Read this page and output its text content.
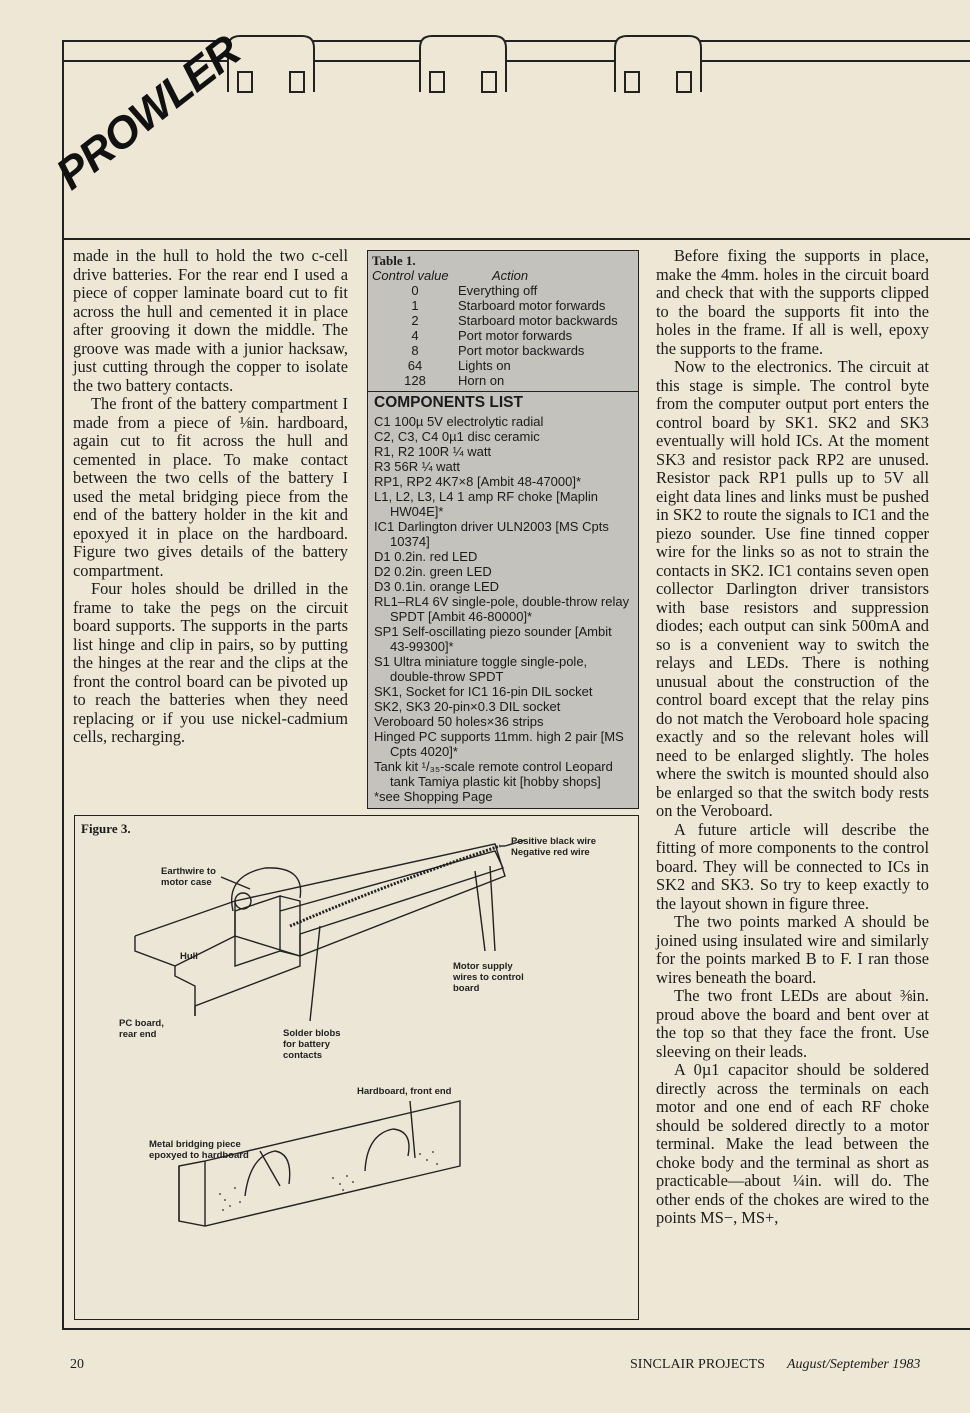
PROWLER

made in the hull to hold the two c-cell drive batteries. For the rear end I used a piece of copper laminate board cut to fit across the hull and cemented it in place after grooving it down the middle. The groove was made with a junior hacksaw, just cutting through the copper to isolate the two battery contacts.

The front of the battery compartment I made from a piece of ⅛in. hardboard, again cut to fit across the hull and cemented in place. To make contact between the two cells of the battery I used the metal bridging piece from the end of the battery holder in the kit and epoxyed it in place on the hardboard. Figure two gives details of the battery compartment.

Four holes should be drilled in the frame to take the pegs on the circuit board supports. The supports in the parts list hinge and clip in pairs, so by putting the hinges at the rear and the clips at the front the control board can be pivoted up to reach the batteries when they need replacing or if you use nickel-cadmium cells, recharging.

Table 1.
Control value	Action
0	Everything off
1	Starboard motor forwards
2	Starboard motor backwards
4	Port motor forwards
8	Port motor backwards
64	Lights on
128	Horn on
COMPONENTS LIST
C1 100µ 5V electrolytic radial
C2, C3, C4 0µ1 disc ceramic
R1, R2 100R ¼ watt
R3 56R ¼ watt
RP1, RP2 4K7×8 [Ambit 48-47000]*
L1, L2, L3, L4 1 amp RF choke [Maplin HW04E]*
IC1 Darlington driver ULN2003 [MS Cpts 10374]
D1 0.2in. red LED
D2 0.2in. green LED
D3 0.1in. orange LED
RL1–RL4 6V single-pole, double-throw relay SPDT [Ambit 46-80000]*
SP1 Self-oscillating piezo sounder [Ambit 43-99300]*
S1 Ultra miniature toggle single-pole, double-throw SPDT
SK1, Socket for IC1 16-pin DIL socket
SK2, SK3 20-pin×0.3 DIL socket
Veroboard 50 holes×36 strips
Hinged PC supports 11mm. high 2 pair [MS Cpts 4020]*
Tank kit ¹/₃₅-scale remote control Leopard tank Tamiya plastic kit [hobby shops]
*see Shopping Page
Figure 3.
Positive black wire
Negative red wire
Earthwire to motor case
Hull
Motor supply wires to control board
PC board, rear end	Solder blobs for battery contacts
Hardboard, front end
Metal bridging piece epoxyed to hardboard

Before fixing the supports in place, make the 4mm. holes in the circuit board and check that with the supports clipped to the board the supports fit into the holes in the frame. If all is well, epoxy the supports to the frame.

Now to the electronics. The circuit at this stage is simple. The control byte from the computer output port enters the control board by SK1. SK2 and SK3 eventually will hold ICs. At the moment SK3 and resistor pack RP2 are unused. Resistor pack RP1 pulls up to 5V all eight data lines and links must be pushed in SK2 to route the signals to IC1 and the piezo sounder. Use fine tinned copper wire for the links so as not to strain the contacts in SK2. IC1 contains seven open collector Darlington driver transistors with base resistors and suppression diodes; each output can sink 500mA and so is a convenient way to switch the relays and LEDs. There is nothing unusual about the construction of the control board except that the relay pins do not match the Veroboard hole spacing exactly and so the relevant holes will need to be enlarged slightly. The holes where the switch is mounted should also be enlarged so that the switch body rests on the Veroboard.

A future article will describe the fitting of more components to the control board. They will be connected to ICs in SK2 and SK3. So try to keep exactly to the layout shown in figure three.

The two points marked A should be joined using insulated wire and similarly for the points marked B to F. I ran those wires beneath the board.

The two front LEDs are about ⅜in. proud above the board and bent over at the top so that they face the front. Use sleeving on their leads.

A 0µ1 capacitor should be soldered directly across the terminals on each motor and one end of each RF choke should be soldered directly to a motor terminal. Make the lead between the choke body and the terminal as short as practicable—about ¼in. will do. The other ends of the chokes are wired to the points MS−, MS+,

20	SINCLAIR PROJECTS August/September 1983
